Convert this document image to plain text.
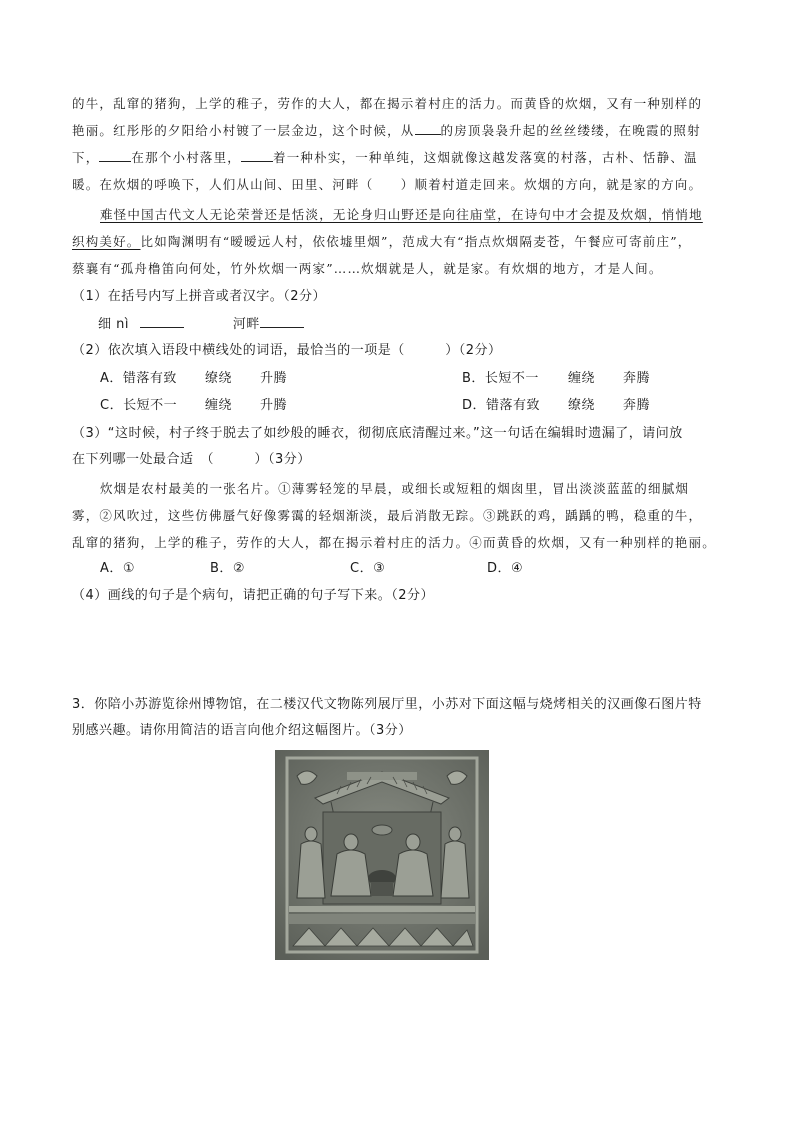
的牛，乱窜的猪狗，上学的稚子，劳作的大人，都在揭示着村庄的活力。而黄昏的炊烟，又有一种别样的
艳丽。红彤彤的夕阳给小村镀了一层金边，这个时候，从 的房顶袅袅升起的丝丝缕缕，在晚霞的照射
下，	在那个小村落里，	着一种朴实，一种单纯，这烟就像这越发落寞的村落，古朴、恬静、温
暖。在炊烟的呼唤下，人们从山间、田里、河畔（　　）顺着村道走回来。炊烟的方向，就是家的方向。
难怪中国古代文人无论荣誉还是恬淡，无论身归山野还是向往庙堂，在诗句中才会提及炊烟，悄悄地
织构美好。比如陶渊明有“暧暧远人村，依依墟里烟”，范成大有“指点炊烟隔麦苍，午餐应可寄前庄”，
蔡襄有“孤舟橹笛向何处，竹外炊烟一两家”……炊烟就是人，就是家。有炊烟的地方，才是人间。
（1）在括号内写上拼音或者汉字。（2分）
细 nì	河畔
（2）依次填入语段中横线处的词语，最恰当的一项是（　　　）（2分）
A．错落有致 缭绕 升腾	B．长短不一 缠绕 奔腾
C．长短不一 缠绕 升腾	D．错落有致 缭绕 奔腾
（3）“这时候，村子终于脱去了如纱般的睡衣，彻彻底底清醒过来。”这一句话在编辑时遗漏了，请问放
在下列哪一处最合适　（　　　）（3分）
炊烟是农村最美的一张名片。①薄雾轻笼的早晨，或细长或短粗的烟囱里，冒出淡淡蓝蓝的细腻烟
雾，②风吹过，这些仿佛蜃气好像雾霭的轻烟渐淡，最后消散无踪。③跳跃的鸡，踽踽的鸭，稳重的牛，
乱窜的猪狗，上学的稚子，劳作的大人，都在揭示着村庄的活力。④而黄昏的炊烟，又有一种别样的艳丽。
A．①	B．②	C．③	D．④
（4）画线的句子是个病句，请把正确的句子写下来。（2分）
3．你陪小苏游览徐州博物馆，在二楼汉代文物陈列展厅里，小苏对下面这幅与烧烤相关的汉画像石图片特
别感兴趣。请你用简洁的语言向他介绍这幅图片。（3分）
